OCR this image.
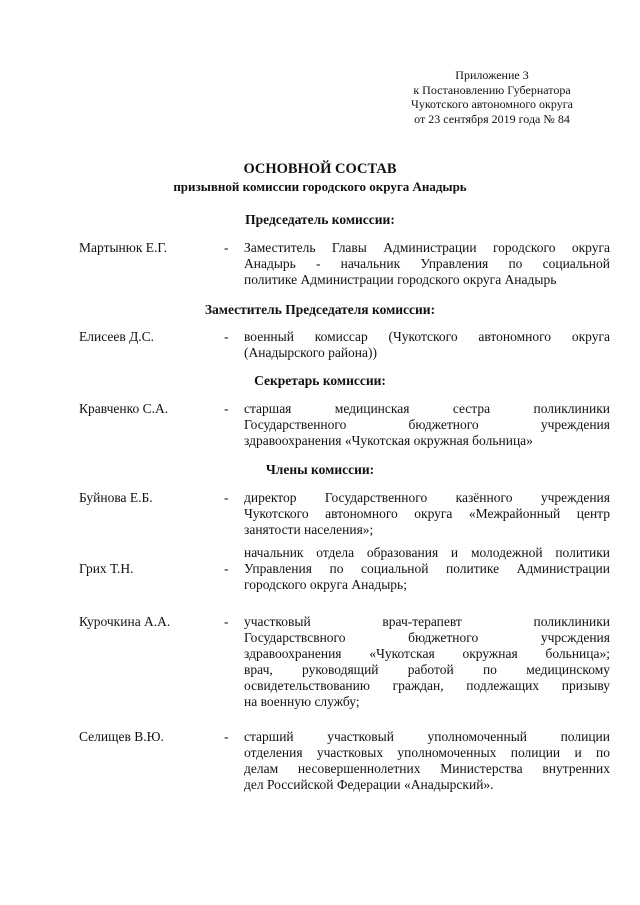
Приложение 3
к Постановлению Губернатора
Чукотского автономного округа
от 23 сентября 2019 года № 84
ОСНОВНОЙ СОСТАВ
призывной комиссии городского округа Анадырь
Председатель комиссии:
Мартынюк Е.Г.	- Заместитель Главы Администрации городского округа
Анадырь - начальник Управления по социальной
политике Администрации городского округа Анадырь
Заместитель Председателя комиссии:
Елисеев Д.С.	- военный комиссар (Чукотского автономного округа
(Анадырского района))
Секретарь комиссии:
Кравченко С.А.	- старшая медицинская сестра поликлиники
Государственного бюджетного учреждения
здравоохранения «Чукотская окружная больница»
Члены комиссии:
Буйнова Е.Б.	- директор Государственного казённого учреждения
Чукотского автономного округа «Межрайонный центр
занятости населения»;
Грих Т.Н.	-
начальник отдела образования и молодежной политики
Управления по социальной политике Администрации
городского округа Анадырь;
Курочкина А.А.	- участковый врач-терапевт поликлиники
Государствсвного бюджетного учрсждения
здравоохранения «Чукотская окружная больница»;
врач, руководящий работой по медицинскому
освидетельствованию граждан, подлежащих призыву
на военную службу;
Селищев В.Ю.	- старший участковый уполномоченный полиции
отделения участковых уполномоченных полиции и по
делам несовершеннолетних Министерства внутренних
дел Российской Федерации «Анадырский».
